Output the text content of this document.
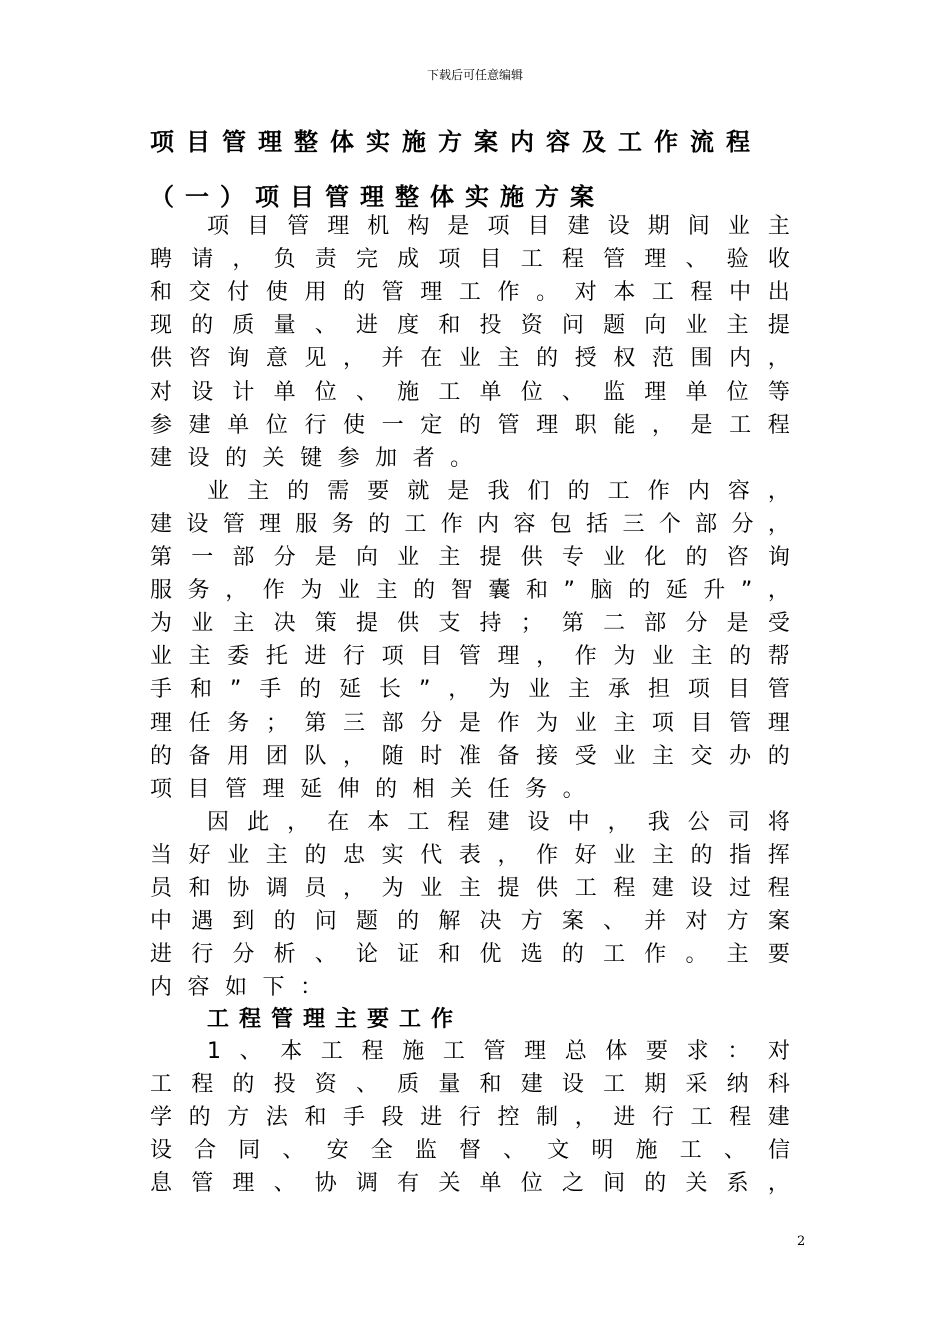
下载后可任意编辑
项目管理整体实施方案内容及工作流程
（一）项目管理整体实施方案
项 目 管 理 机 构 是 项 目 建 设 期 间 业 主
聘 请 ， 负 责 完 成 项 目 工 程 管 理 、 验 收
和 交 付 使 用 的 管 理 工 作 。 对 本 工 程 中 出
现 的 质 量 、 进 度 和 投 资 问 题 向 业 主 提
供 咨 询 意 见 ， 并 在 业 主 的 授 权 范 围 内 ，
对 设 计 单 位 、 施 工 单 位 、 监 理 单 位 等
参 建 单 位 行 使 一 定 的 管 理 职 能 ， 是 工 程
建 设 的 关 键 参 加 者 。
业 主 的 需 要 就 是 我 们 的 工 作 内 容 ，
建 设 管 理 服 务 的 工 作 内 容 包 括 三 个 部 分 ，
第 一 部 分 是 向 业 主 提 供 专 业 化 的 咨 询
服 务 ， 作 为 业 主 的 智 囊 和 ” 脑 的 延 升 ” ，
为 业 主 决 策 提 供 支 持 ； 第 二 部 分 是 受
业 主 委 托 进 行 项 目 管 理 ， 作 为 业 主 的 帮
手 和 ” 手 的 延 长 ” ， 为 业 主 承 担 项 目 管
理 任 务 ； 第 三 部 分 是 作 为 业 主 项 目 管 理
的 备 用 团 队 ， 随 时 准 备 接 受 业 主 交 办 的
项 目 管 理 延 伸 的 相 关 任 务 。
因 此 ， 在 本 工 程 建 设 中 ， 我 公 司 将
当 好 业 主 的 忠 实 代 表 ， 作 好 业 主 的 指 挥
员 和 协 调 员 ， 为 业 主 提 供 工 程 建 设 过 程
中 遇 到 的 问 题 的 解 决 方 案 、 并 对 方 案
进 行 分 析 、 论 证 和 优 选 的 工 作 。 主 要
内 容 如 下 ：
1 、 本 工 程 施 工 管 理 总 体 要 求 ： 对
工 程 的 投 资 、 质 量 和 建 设 工 期 采 纳 科
学 的 方 法 和 手 段 进 行 控 制 ， 进 行 工 程 建
设 合 同 、 安 全 监 督 、 文 明 施 工 、 信
息 管 理 、 协 调 有 关 单 位 之 间 的 关 系 ，
工程管理主要工作
2
